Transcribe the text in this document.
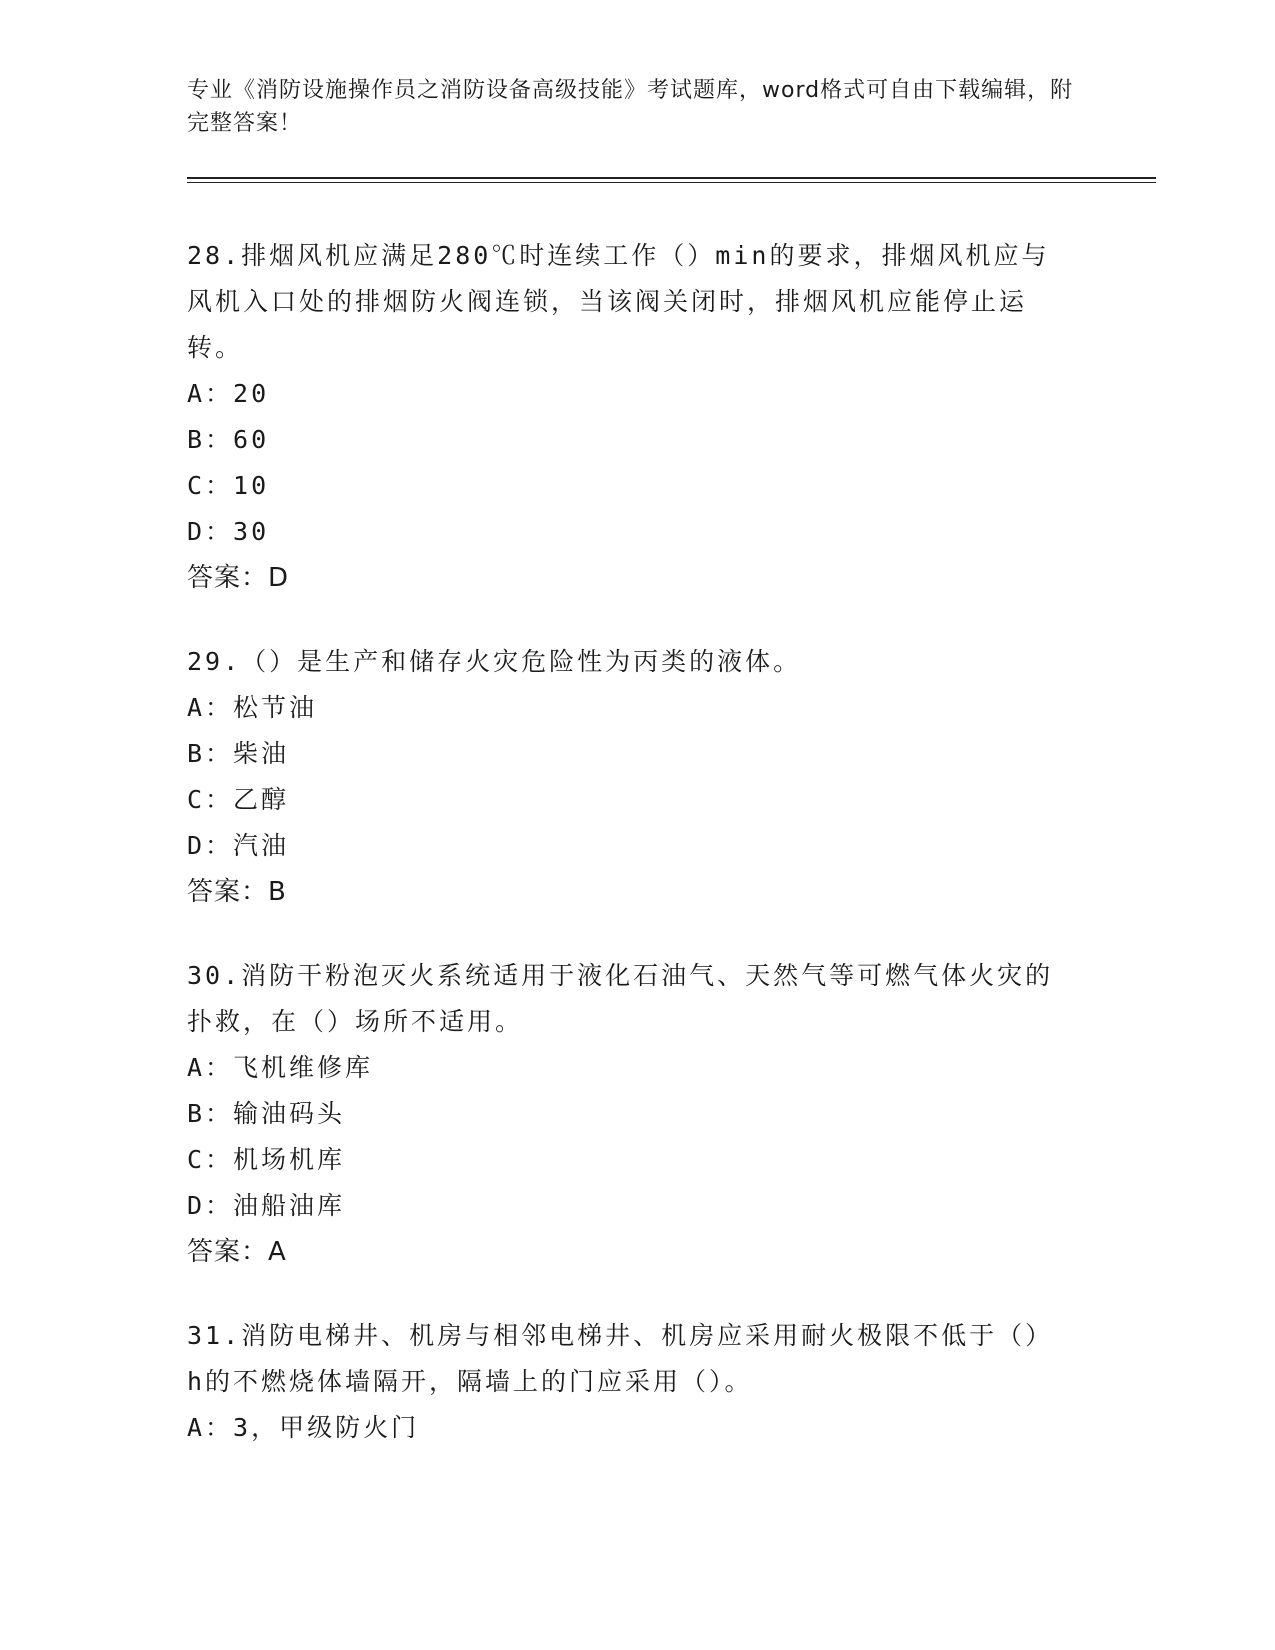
专业《消防设施操作员之消防设备高级技能》考试题库，word格式可自由下载编辑，附完整答案！

28.排烟风机应满足280℃时连续工作（）min的要求，排烟风机应与风机入口处的排烟防火阀连锁，当该阀关闭时，排烟风机应能停止运转。

A：20

B：60

C：10

D：30

答案：D

29.（）是生产和储存火灾危险性为丙类的液体。

A：松节油

B：柴油

C：乙醇

D：汽油

答案：B

30.消防干粉泡灭火系统适用于液化石油气、天然气等可燃气体火灾的扑救，在（）场所不适用。

A：飞机维修库

B：输油码头

C：机场机库

D：油船油库

答案：A

31.消防电梯井、机房与相邻电梯井、机房应采用耐火极限不低于（）h的不燃烧体墙隔开，隔墙上的门应采用（）。

A：3，甲级防火门
